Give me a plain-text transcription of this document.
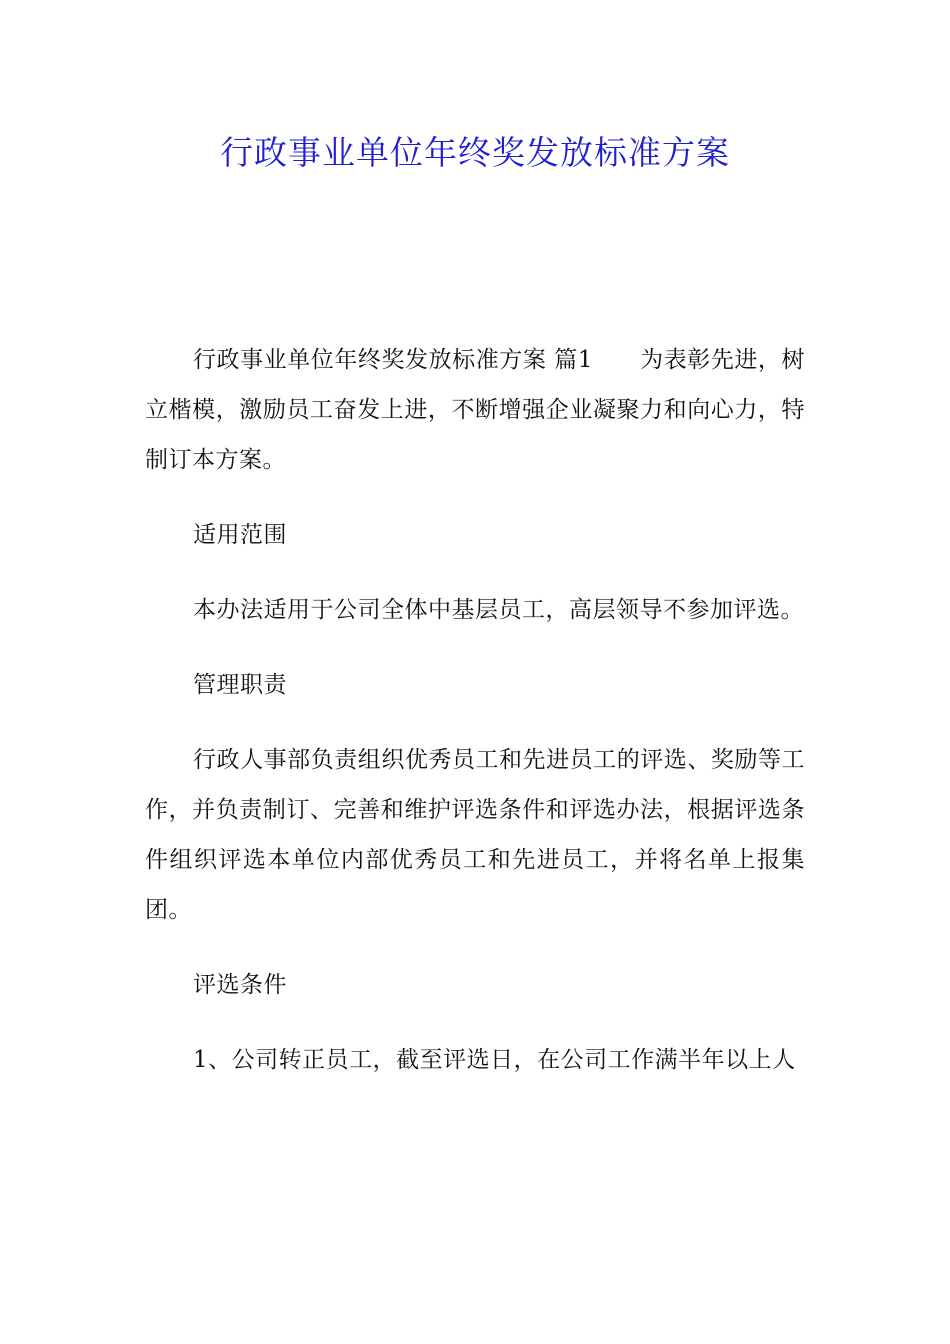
行政事业单位年终奖发放标准方案

行政事业单位年终奖发放标准方案 篇1　　为表彰先进，树立楷模，激励员工奋发上进，不断增强企业凝聚力和向心力，特制订本方案。

适用范围

本办法适用于公司全体中基层员工，高层领导不参加评选。

管理职责

行政人事部负责组织优秀员工和先进员工的评选、奖励等工作，并负责制订、完善和维护评选条件和评选办法，根据评选条件组织评选本单位内部优秀员工和先进员工，并将名单上报集团。

评选条件

1、公司转正员工，截至评选日，在公司工作满半年以上人
